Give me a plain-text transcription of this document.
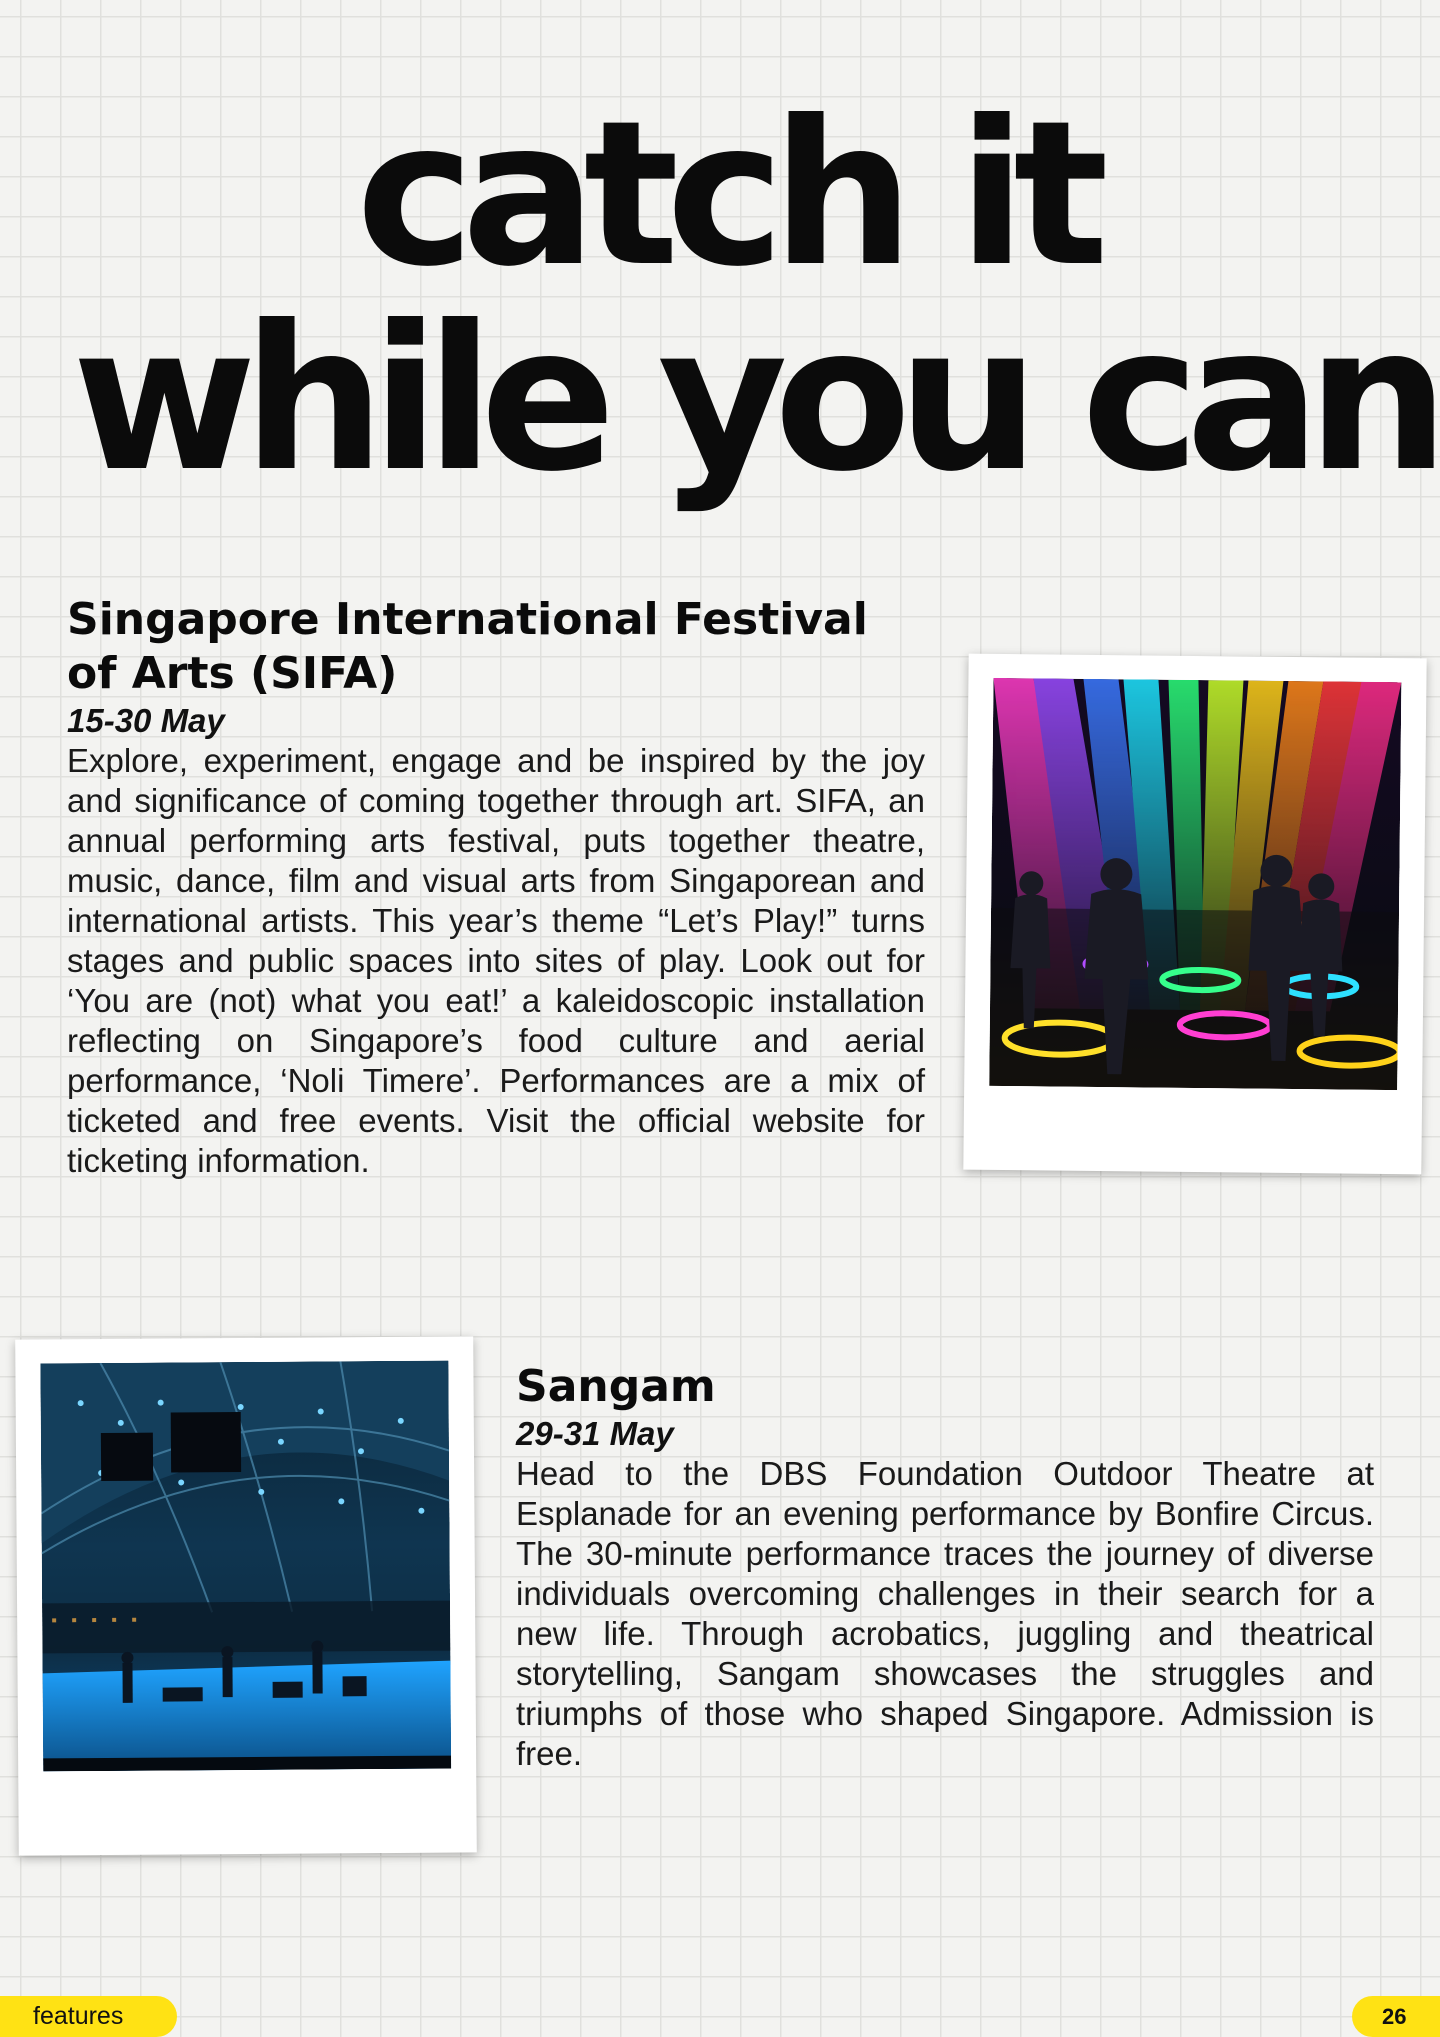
catch it
while you can
Singapore International Festival of Arts (SIFA)

15-30 May

Explore, experiment, engage and be inspired by the joy and significance of coming together through art. SIFA, an annual performing arts festival, puts together theatre, music, dance, film and visual arts from Singaporean and international artists. This year’s theme “Let’s Play!” turns stages and public spaces into sites of play. Look out for ‘You are (not) what you eat!’ a kaleidoscopic installation reflecting on Singapore’s food culture and aerial performance, ‘Noli Timere’. Performances are a mix of ticketed and free events. Visit the official website for ticketing information.

Sangam

29-31 May

Head to the DBS Foundation Outdoor Theatre at Esplanade for an evening performance by Bonfire Circus. The 30-minute performance traces the journey of diverse individuals overcoming challenges in their search for a new life. Through acrobatics, juggling and theatrical storytelling, Sangam showcases the struggles and triumphs of those who shaped Singapore. Admission is free.

features	26
